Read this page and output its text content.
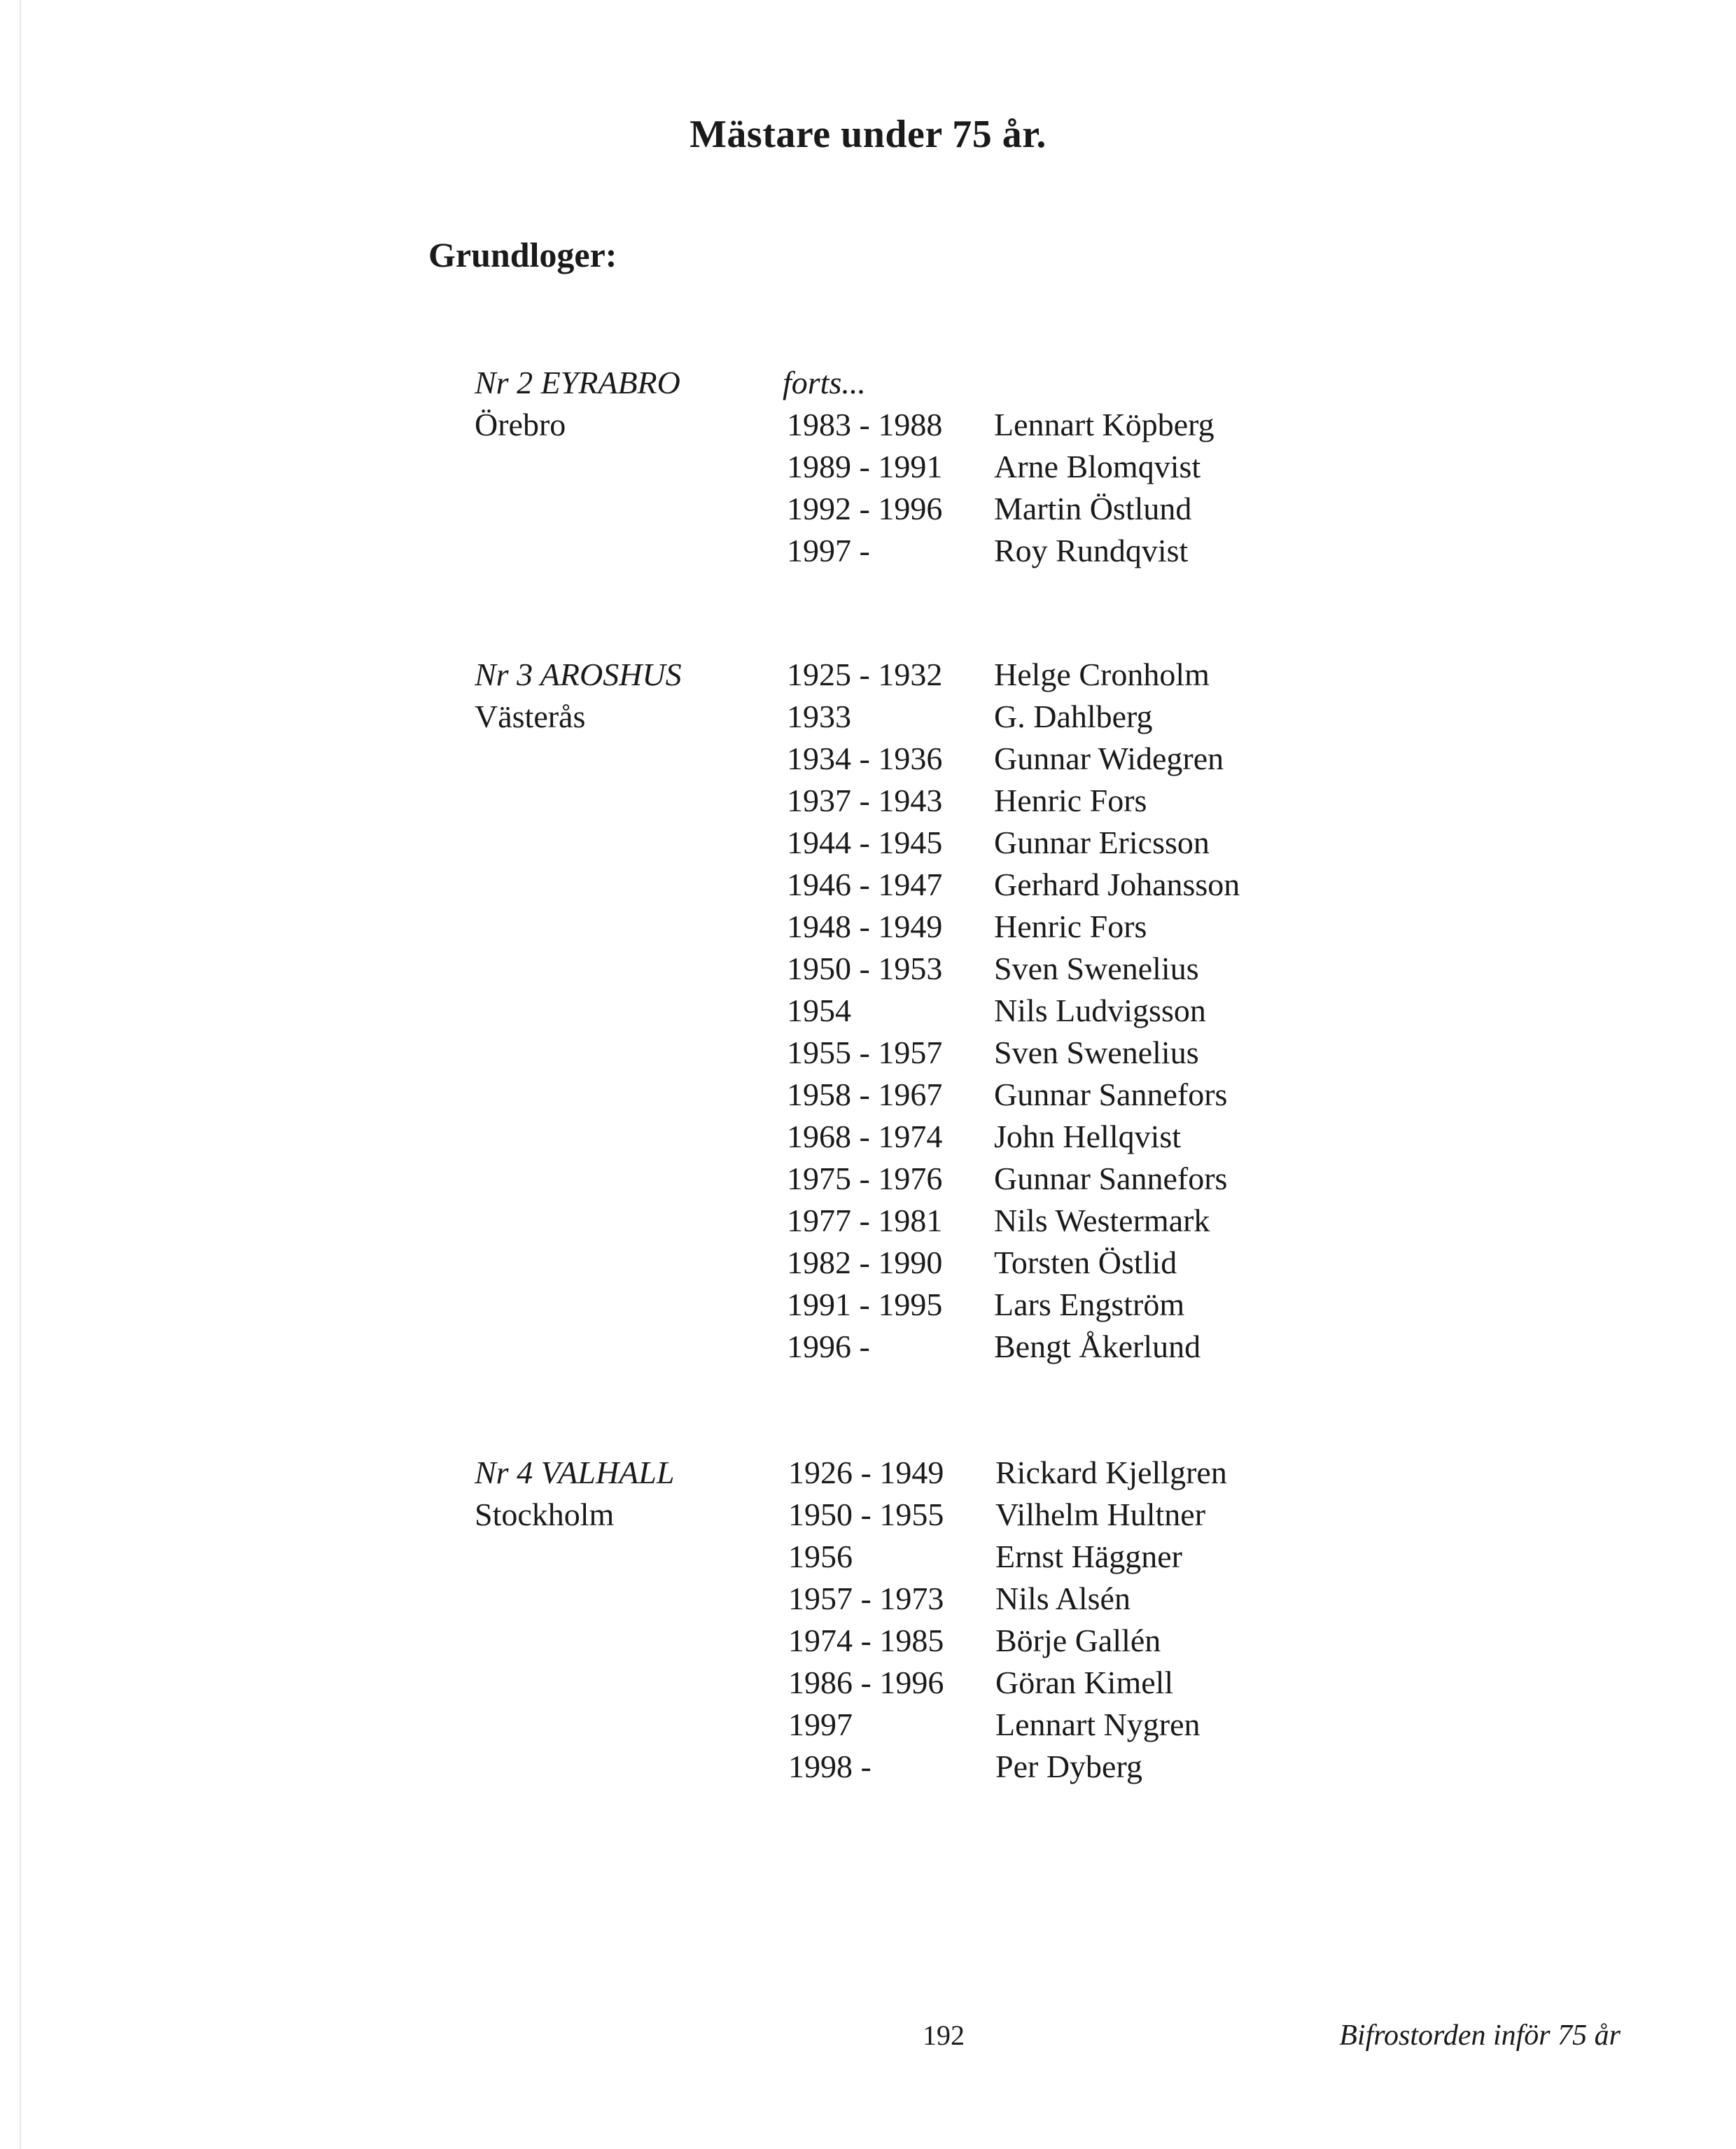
Mästare under 75 år.
Grundloger:
Nr 2 EYRABRO
Örebro
forts...
1983 - 1988 Lennart Köpberg
1989 - 1991 Arne Blomqvist
1992 - 1996 Martin Östlund
1997 -	Roy Rundqvist
Nr 3 AROSHUS
Västerås
1925 - 1932 Helge Cronholm
1933	G. Dahlberg
1934 - 1936 Gunnar Widegren
1937 - 1943 Henric Fors
1944 - 1945 Gunnar Ericsson
1946 - 1947 Gerhard Johansson
1948 - 1949 Henric Fors
1950 - 1953 Sven Swenelius
1954	Nils Ludvigsson
1955 - 1957 Sven Swenelius
1958 - 1967 Gunnar Sannefors
1968 - 1974 John Hellqvist
1975 - 1976 Gunnar Sannefors
1977 - 1981 Nils Westermark
1982 - 1990 Torsten Östlid
1991 - 1995 Lars Engström
1996 -	Bengt Åkerlund
Nr 4 VALHALL
Stockholm
1926 - 1949 Rickard Kjellgren
1950 - 1955 Vilhelm Hultner
1956	Ernst Häggner
1957 - 1973 Nils Alsén
1974 - 1985 Börje Gallén
1986 - 1996 Göran Kimell
1997	Lennart Nygren
1998 -	Per Dyberg
192	Bifrostorden inför 75 år
